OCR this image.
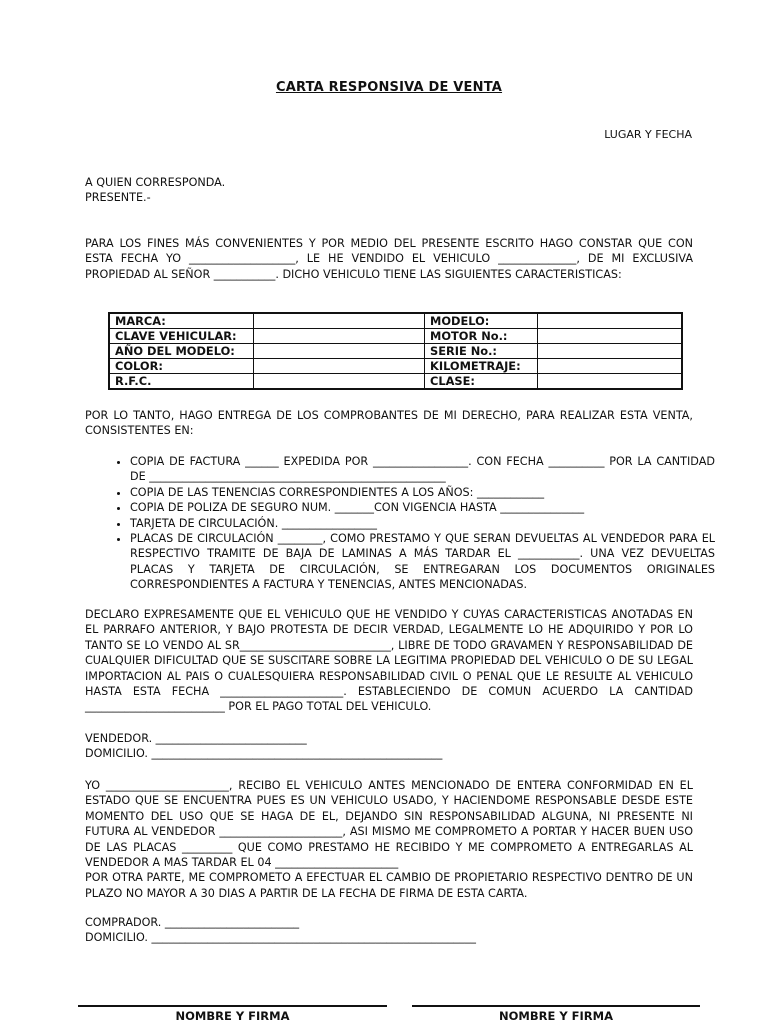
CARTA RESPONSIVA DE VENTA
LUGAR Y FECHA
A QUIEN CORRESPONDA.
PRESENTE.-
PARA LOS FINES MÁS CONVENIENTES Y POR MEDIO DEL PRESENTE ESCRITO HAGO CONSTAR QUE CON ESTA FECHA YO ___________________, LE HE VENDIDO EL VEHICULO ______________, DE MI EXCLUSIVA PROPIEDAD AL SEÑOR ___________. DICHO VEHICULO TIENE LAS SIGUIENTES CARACTERISTICAS:
MARCA:		MODELO:	
CLAVE VEHICULAR:		MOTOR No.:	
AÑO DEL MODELO:		SERIE No.:	
COLOR:		KILOMETRAJE:	
R.F.C.		CLASE:	
POR LO TANTO, HAGO ENTREGA DE LOS COMPROBANTES DE MI DERECHO, PARA REALIZAR ESTA VENTA, CONSISTENTES EN:
• COPIA DE FACTURA ______ EXPEDIDA POR _________________. CON FECHA __________ POR LA CANTIDAD DE _____________________________________________________
• COPIA DE LAS TENENCIAS CORRESPONDIENTES A LOS AÑOS: ____________
• COPIA DE POLIZA DE SEGURO NUM. _______CON VIGENCIA HASTA _______________
• TARJETA DE CIRCULACIÓN. _________________
• PLACAS DE CIRCULACIÓN ________, COMO PRESTAMO Y QUE SERAN DEVUELTAS AL VENDEDOR PARA EL RESPECTIVO TRAMITE DE BAJA DE LAMINAS A MÁS TARDAR EL ___________. UNA VEZ DEVUELTAS PLACAS Y TARJETA DE CIRCULACIÓN, SE ENTREGARAN LOS DOCUMENTOS ORIGINALES CORRESPONDIENTES A FACTURA Y TENENCIAS, ANTES MENCIONADAS.
DECLARO EXPRESAMENTE QUE EL VEHICULO QUE HE VENDIDO Y CUYAS CARACTERISTICAS ANOTADAS EN EL PARRAFO ANTERIOR, Y BAJO PROTESTA DE DECIR VERDAD, LEGALMENTE LO HE ADQUIRIDO Y POR LO TANTO SE LO VENDO AL SR___________________________, LIBRE DE TODO GRAVAMEN Y RESPONSABILIDAD DE CUALQUIER DIFICULTAD QUE SE SUSCITARE SOBRE LA LEGITIMA PROPIEDAD DEL VEHICULO O DE SU LEGAL IMPORTACION AL PAIS O CUALESQUIERA RESPONSABILIDAD CIVIL O PENAL QUE LE RESULTE AL VEHICULO HASTA ESTA FECHA ______________________. ESTABLECIENDO DE COMUN ACUERDO LA CANTIDAD _________________________ POR EL PAGO TOTAL DEL VEHICULO.
VENDEDOR. ___________________________
DOMICILIO. ____________________________________________________
YO ______________________, RECIBO EL VEHICULO ANTES MENCIONADO DE ENTERA CONFORMIDAD EN EL ESTADO QUE SE ENCUENTRA PUES ES UN VEHICULO USADO, Y HACIENDOME RESPONSABLE DESDE ESTE MOMENTO DEL USO QUE SE HAGA DE EL, DEJANDO SIN RESPONSABILIDAD ALGUNA, NI PRESENTE NI FUTURA AL VENDEDOR ______________________, ASI MISMO ME COMPROMETO A PORTAR Y HACER BUEN USO DE LAS PLACAS _________ QUE COMO PRESTAMO HE RECIBIDO Y ME COMPROMETO A ENTREGARLAS AL VENDEDOR A MAS TARDAR EL 04 ______________________
POR OTRA PARTE, ME COMPROMETO A EFECTUAR EL CAMBIO DE PROPIETARIO RESPECTIVO DENTRO DE UN PLAZO NO MAYOR A 30 DIAS A PARTIR DE LA FECHA DE FIRMA DE ESTA CARTA.
COMPRADOR. ________________________
DOMICILIO. __________________________________________________________
NOMBRE Y FIRMA	NOMBRE Y FIRMA
